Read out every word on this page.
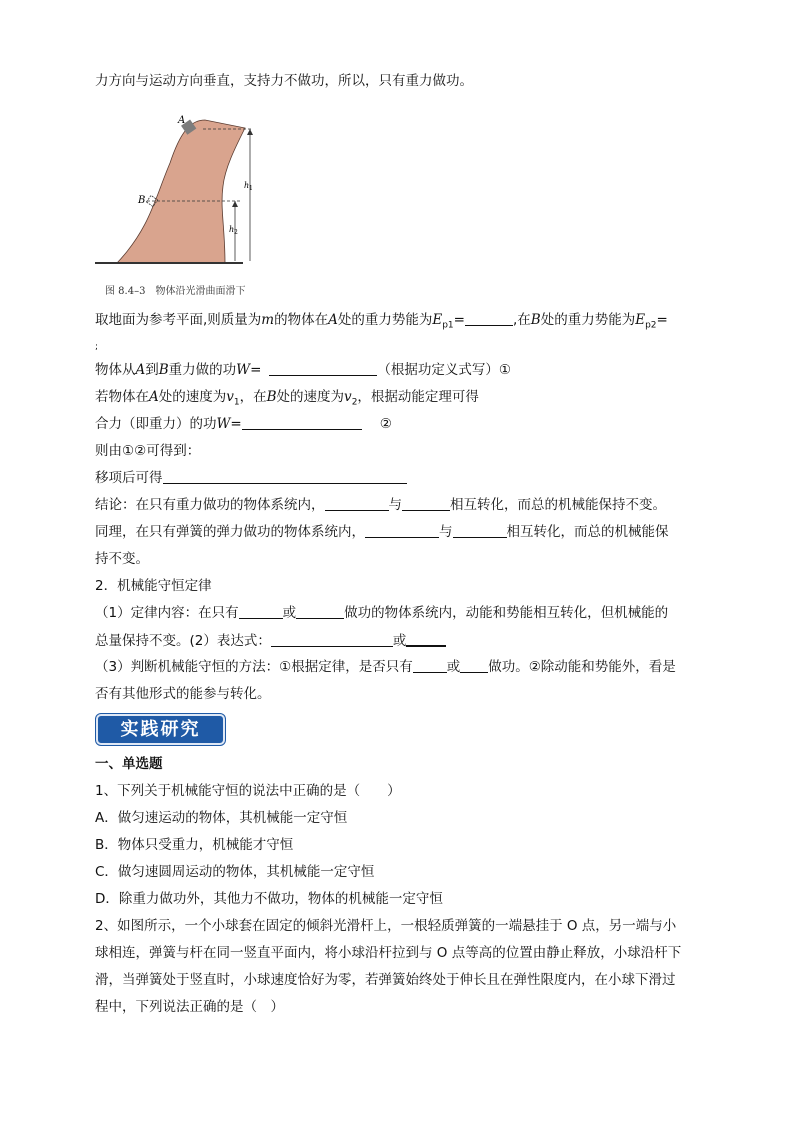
力方向与运动方向垂直，支持力不做功，所以，只有重力做功。
A
B
h 1
h 2
图 8.4–3　物体沿光滑曲面滑下
取地面为参考平面,则质量为m的物体在A处的重力势能为$E_{p1}=$	,在B处的重力势能为$E_{p2}=$
;
物体从A到B重力做的功W=	（根据功定义式写）①
若物体在A处的速度为$v_1$，在B处的速度为$v_2$，根据动能定理可得
合力（即重力）的功W=	②
则由①②可得到：
移项后可得
结论：在只有重力做功的物体系统内，	与	相互转化，而总的机械能保持不变。
同理，在只有弹簧的弹力做功的物体系统内，	与	相互转化，而总的机械能保
持不变。
2．机械能守恒定律
（1）定律内容：在只有	或	做功的物体系统内，动能和势能相互转化，但机械能的
总量保持不变。(2）表达式：	或
（3）判断机械能守恒的方法：①根据定律，是否只有	或 做功。②除动能和势能外，看是
否有其他形式的能参与转化。
实践研究
一、单选题
1、下列关于机械能守恒的说法中正确的是（　　）
A．做匀速运动的物体，其机械能一定守恒
B．物体只受重力，机械能才守恒
C．做匀速圆周运动的物体，其机械能一定守恒
D．除重力做功外，其他力不做功，物体的机械能一定守恒
2、如图所示，一个小球套在固定的倾斜光滑杆上，一根轻质弹簧的一端悬挂于 O 点，另一端与小
球相连，弹簧与杆在同一竖直平面内，将小球沿杆拉到与 O 点等高的位置由静止释放，小球沿杆下
滑，当弹簧处于竖直时，小球速度恰好为零，若弹簧始终处于伸长且在弹性限度内，在小球下滑过
程中，下列说法正确的是（　）
